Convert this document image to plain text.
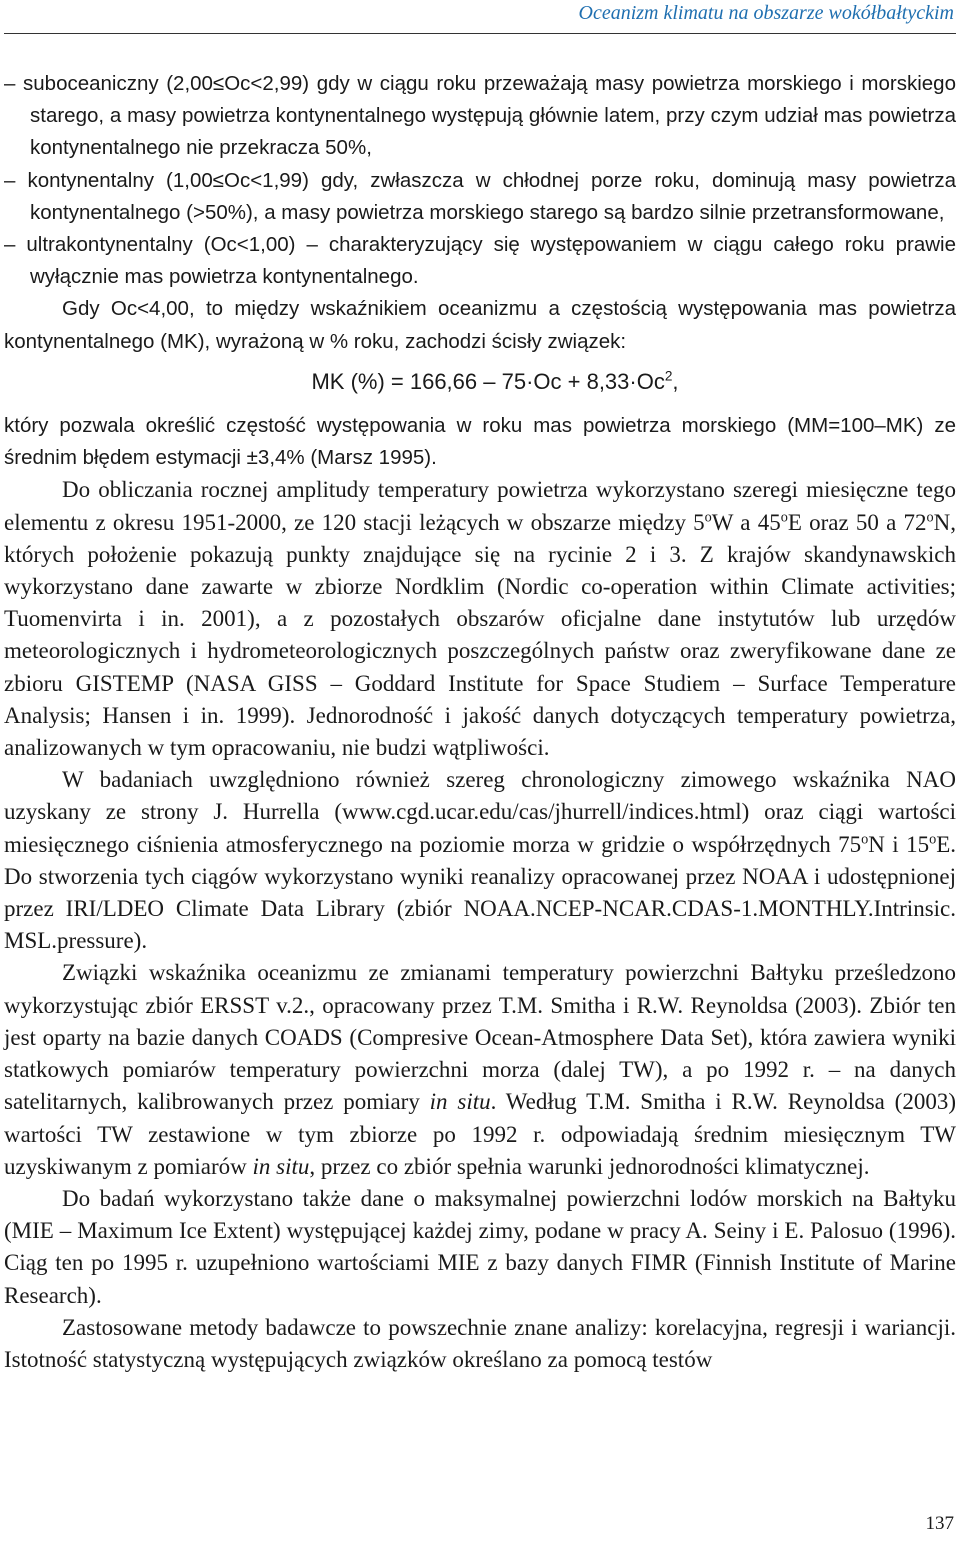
Oceanizm klimatu na obszarze wokółbałtyckim

– suboceaniczny (2,00≤Oc<2,99) gdy w ciągu roku przeważają masy powietrza morskiego i morskiego starego, a masy powietrza kontynentalnego występują głównie latem, przy czym udział mas powietrza kontynentalnego nie przekracza 50%,

– kontynentalny (1,00≤Oc<1,99) gdy, zwłaszcza w chłodnej porze roku, dominują masy powietrza kontynentalnego (>50%), a masy powietrza morskiego starego są bardzo silnie przetransformowane,

– ultrakontynentalny (Oc<1,00) – charakteryzujący się występowaniem w ciągu całego roku prawie wyłącznie mas powietrza kontynentalnego.

Gdy Oc<4,00, to między wskaźnikiem oceanizmu a częstością występowania mas powietrza kontynentalnego (MK), wyrażoną w % roku, zachodzi ścisły związek:

MK (%) = $166,66 - 75\cdot Oc + 8,33\cdot Oc^2$,

który pozwala określić częstość występowania w roku mas powietrza morskiego (MM=100–MK) ze średnim błędem estymacji ±3,4% (Marsz 1995).

Do obliczania rocznej amplitudy temperatury powietrza wykorzystano szeregi miesięczne tego elementu z okresu 1951-2000, ze 120 stacji leżących w obszarze między 5$^o$W a 45$^o$E oraz 50 a 72$^o$N, których położenie pokazują punkty znajdujące się na rycinie 2 i 3. Z krajów skandynawskich wykorzystano dane zawarte w zbiorze Nordklim (Nordic co-operation within Climate activities; Tuomenvirta i in. 2001), a z pozostałych obszarów oficjalne dane instytutów lub urzędów meteorologicznych i hydrometeorologicznych poszczególnych państw oraz zweryfikowane dane ze zbioru GISTEMP (NASA GISS – Goddard Institute for Space Studiem – Surface Temperature Analysis; Hansen i in. 1999). Jednorodność i jakość danych dotyczących temperatury powietrza, analizowanych w tym opracowaniu, nie budzi wątpliwości.

W badaniach uwzględniono również szereg chronologiczny zimowego wskaźnika NAO uzyskany ze strony J. Hurrella (www.cgd.ucar.edu/cas/jhurrell/indices.html) oraz ciągi wartości miesięcznego ciśnienia atmosferycznego na poziomie morza w gridzie o współrzędnych 75$^o$N i 15$^o$E. Do stworzenia tych ciągów wykorzystano wyniki reanalizy opracowanej przez NOAA i udostępnionej przez IRI/LDEO Climate Data Library (zbiór NOAA.NCEP-NCAR.CDAS-1.MONTHLY.Intrinsic. MSL.pressure).

Związki wskaźnika oceanizmu ze zmianami temperatury powierzchni Bałtyku prześledzono wykorzystując zbiór ERSST v.2., opracowany przez T.M. Smitha i R.W. Reynoldsa (2003). Zbiór ten jest oparty na bazie danych COADS (Compresive Ocean-Atmosphere Data Set), która zawiera wyniki statkowych pomiarów temperatury powierzchni morza (dalej TW), a po 1992 r. – na danych satelitarnych, kalibrowanych przez pomiary in situ. Według T.M. Smitha i R.W. Reynoldsa (2003) wartości TW zestawione w tym zbiorze po 1992 r. odpowiadają średnim miesięcznym TW uzyskiwanym z pomiarów in situ, przez co zbiór spełnia warunki jednorodności klimatycznej.

Do badań wykorzystano także dane o maksymalnej powierzchni lodów morskich na Bałtyku (MIE – Maximum Ice Extent) występującej każdej zimy, podane w pracy A. Seiny i E. Palosuo (1996). Ciąg ten po 1995 r. uzupełniono wartościami MIE z bazy danych FIMR (Finnish Institute of Marine Research).

Zastosowane metody badawcze to powszechnie znane analizy: korelacyjna, regresji i wariancji. Istotność statystyczną występujących związków określano za pomocą testów

137
